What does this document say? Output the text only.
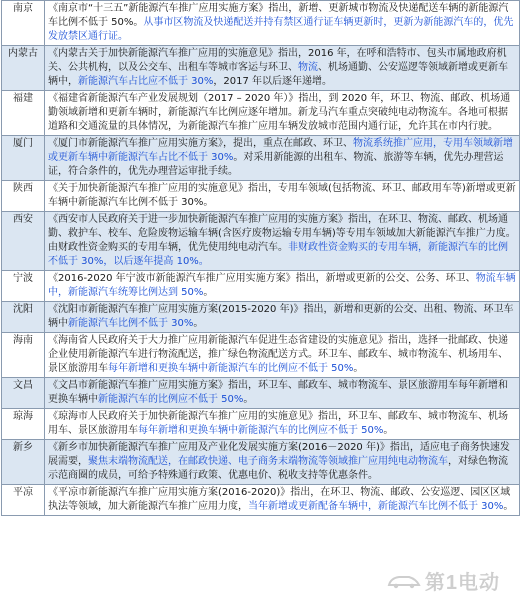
南京	《南京市“十三五”新能源汽车推广应用实施方案》指出，新增、更新城市物流及快递配送车辆的新能源汽车比例不低于 50%。从事市区物流及快递配送并持有禁区通行证车辆更新时，更新为新能源汽车的，优先发放禁区通行证。
内蒙古	《内蒙古关于加快新能源汽车推广应用的实施意见》指出，2016 年，在呼和浩特市、包头市属地政府机关、公共机构，以及公交车、出租车等城市客运与环卫、物流、机场通勤、公安巡逻等领域新增或更新车辆中，新能源汽车占比应不低于 30%，2017 年以后逐年递增。
福建	《福建省新能源汽车产业发展规划（2017 – 2020 年）》指出，到 2020 年，环卫、物流、邮政、机场通勤领域新增和更新车辆时，新能源汽车比例应逐年增加。新龙马汽车重点突破纯电动物流车。各地可根据道路和交通流量的具体情况，为新能源汽车推广应用车辆发放城市范围内通行证，允许其在市内行驶。
厦门	《厦门市新能源汽车推广应用实施方案》，提出，重点在邮政、环卫、物流系统推广应用，专用车领域新增或更新车辆中新能源汽车占比不低于 30%。对采用新能源的出租车、物流、旅游等车辆，优先办理营运证，符合条件的，优先办理营运审批手续。
陕西	《关于加快新能源汽车推广应用的实施意见》指出，专用车领域(包括物流、环卫、邮政用车等)新增或更新车辆中新能源汽车比例不低于 30%。
西安	《西安市人民政府关于进一步加快新能源汽车推广应用的实施方案》指出，在环卫、物流、邮政、机场通勤、救护车、校车、危险废物运输车辆(含医疗废物运输专用车辆)等专用车领域加大新能源汽车推广力度。由财政性资金购买的专用车辆，优先使用纯电动汽车。非财政性资金购买的专用车辆，新能源汽车的比例不低于 30%，以后逐年提高 10%。
宁波	《2016-2020 年宁波市新能源汽车推广应用实施方案》指出，新增或更新的公交、公务、环卫、物流车辆中，新能源汽车统筹比例达到 50%。
沈阳	《沈阳市新能源汽车推广应用实施方案(2015-2020 年)》指出，新增和更新的公交、出租、物流、环卫车辆中新能源汽车比例不低于 30%。
海南	《海南省人民政府关于大力推广应用新能源汽车促进生态省建设的实施意见》指出，选择一批邮政、快递企业使用新能源汽车进行物流配送，推广绿色物流配送方式。环卫车、邮政车、城市物流车、机场用车、景区旅游用车每年新增和更换车辆中新能源汽车的比例应不低于 50%。
文昌	《文昌市新能源汽车推广应用实施方案》指出，环卫车、邮政车、城市物流车、景区旅游用车每年新增和更换车辆中新能源汽车的比例应不低于 50%。
琼海	《琼海市人民政府关于加快新能源汽车推广应用的实施意见》指出，环卫车、邮政车、城市物流车、机场用车、景区旅游用车每年新增和更换车辆中新能源汽车的比例应不低于 50%。
新乡	《新乡市加快新能源汽车推广应用及产业化发展实施方案(2016－2020 年)》指出，适应电子商务快速发展需要，聚焦末端物流配送，在邮政快递、电子商务末端物流等领域推广应用纯电动物流车，对绿色物流示范商圈的成员，可给予特殊通行政策、优惠电价、税收支持等优惠条件。
平凉	《平凉市新能源汽车推广应用实施方案(2016-2020)》指出，在环卫、物流、邮政、公安巡逻、园区区域执法等领域，加大新能源汽车推广应用力度，当年新增或更新配备车辆中，新能源汽车比例不低于 30%。
第1电动
